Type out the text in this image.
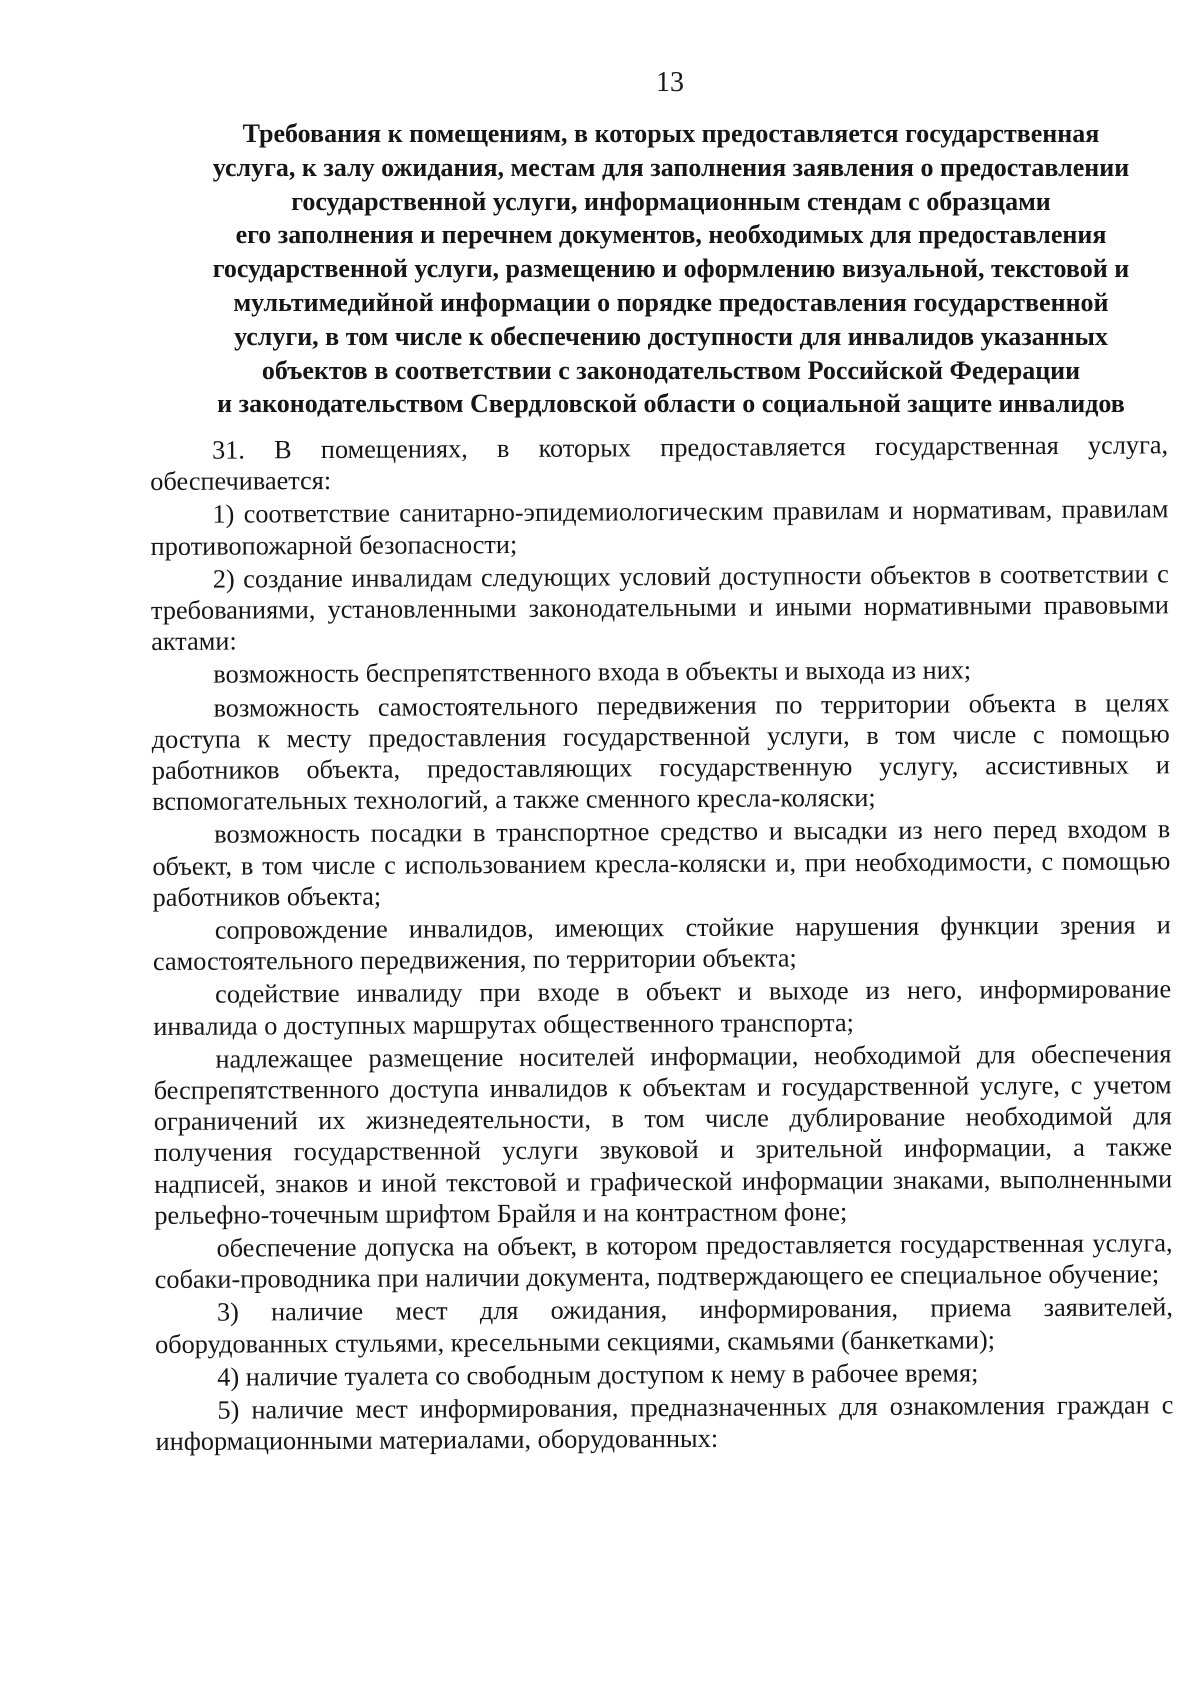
13
Требования к помещениям, в которых предоставляется государственная
услуга, к залу ожидания, местам для заполнения заявления о предоставлении
государственной услуги, информационным стендам с образцами
его заполнения и перечнем документов, необходимых для предоставления
государственной услуги, размещению и оформлению визуальной, текстовой и
мультимедийной информации о порядке предоставления государственной
услуги, в том числе к обеспечению доступности для инвалидов указанных
объектов в соответствии с законодательством Российской Федерации
и законодательством Свердловской области о социальной защите инвалидов

31. В помещениях, в которых предоставляется государственная услуга, обеспечивается:

1) соответствие санитарно-эпидемиологическим правилам и нормативам, правилам противопожарной безопасности;

2) создание инвалидам следующих условий доступности объектов в соответствии с требованиями, установленными законодательными и иными нормативными правовыми актами:

возможность беспрепятственного входа в объекты и выхода из них;

возможность самостоятельного передвижения по территории объекта в целях доступа к месту предоставления государственной услуги, в том числе с помощью работников объекта, предоставляющих государственную услугу, ассистивных и вспомогательных технологий, а также сменного кресла-коляски;

возможность посадки в транспортное средство и высадки из него перед входом в объект, в том числе с использованием кресла-коляски и, при необходимости, с помощью работников объекта;

сопровождение инвалидов, имеющих стойкие нарушения функции зрения и самостоятельного передвижения, по территории объекта;

содействие инвалиду при входе в объект и выходе из него, информирование инвалида о доступных маршрутах общественного транспорта;

надлежащее размещение носителей информации, необходимой для обеспечения беспрепятственного доступа инвалидов к объектам и государственной услуге, с учетом ограничений их жизнедеятельности, в том числе дублирование необходимой для получения государственной услуги звуковой и зрительной информации, а также надписей, знаков и иной текстовой и графической информации знаками, выполненными рельефно-точечным шрифтом Брайля и на контрастном фоне;

обеспечение допуска на объект, в котором предоставляется государственная услуга, собаки-проводника при наличии документа, подтверждающего ее специальное обучение;

3) наличие мест для ожидания, информирования, приема заявителей, оборудованных стульями, кресельными секциями, скамьями (банкетками);

4) наличие туалета со свободным доступом к нему в рабочее время;

5) наличие мест информирования, предназначенных для ознакомления граждан с информационными материалами, оборудованных:
